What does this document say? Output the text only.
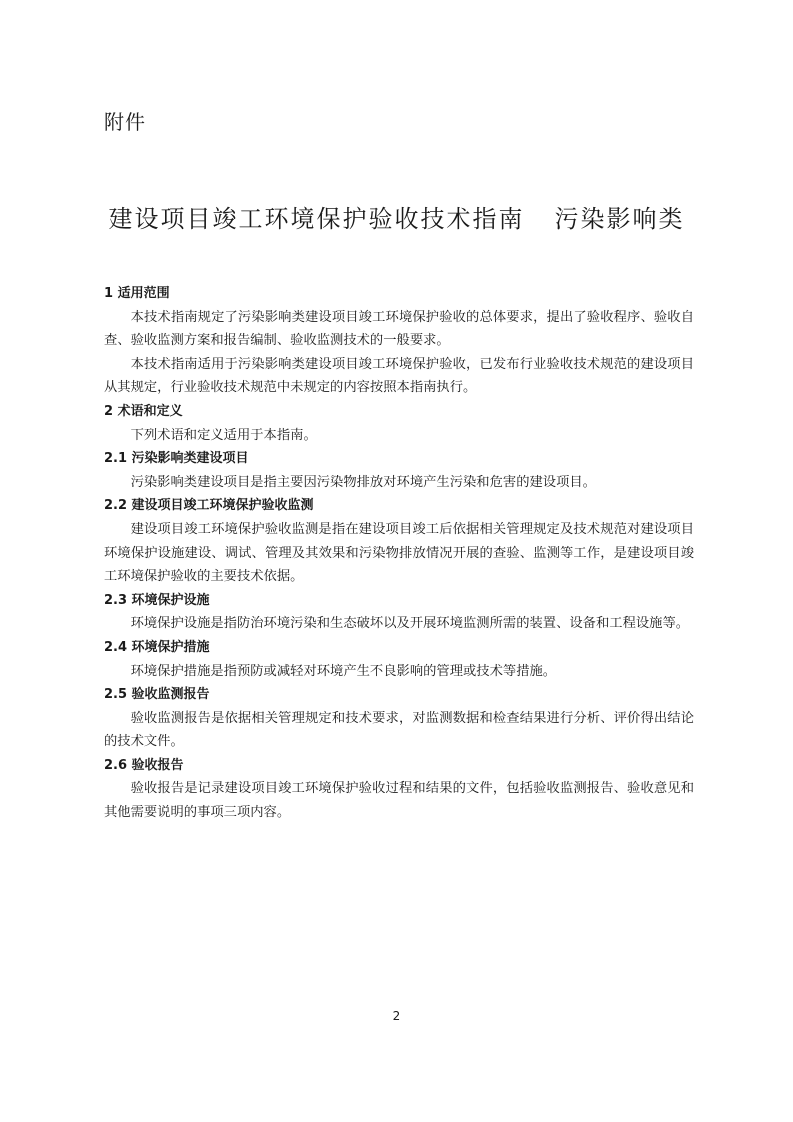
附件
建设项目竣工环境保护验收技术指南 污染影响类
1 适用范围
本技术指南规定了污染影响类建设项目竣工环境保护验收的总体要求，提出了验收程序、验收自查、验收监测方案和报告编制、验收监测技术的一般要求。
本技术指南适用于污染影响类建设项目竣工环境保护验收，已发布行业验收技术规范的建设项目从其规定，行业验收技术规范中未规定的内容按照本指南执行。
2 术语和定义
下列术语和定义适用于本指南。
2.1 污染影响类建设项目
污染影响类建设项目是指主要因污染物排放对环境产生污染和危害的建设项目。
2.2 建设项目竣工环境保护验收监测
建设项目竣工环境保护验收监测是指在建设项目竣工后依据相关管理规定及技术规范对建设项目环境保护设施建设、调试、管理及其效果和污染物排放情况开展的查验、监测等工作，是建设项目竣工环境保护验收的主要技术依据。
2.3 环境保护设施
环境保护设施是指防治环境污染和生态破坏以及开展环境监测所需的装置、设备和工程设施等。
2.4 环境保护措施
环境保护措施是指预防或减轻对环境产生不良影响的管理或技术等措施。
2.5 验收监测报告
验收监测报告是依据相关管理规定和技术要求，对监测数据和检查结果进行分析、评价得出结论的技术文件。
2.6 验收报告
验收报告是记录建设项目竣工环境保护验收过程和结果的文件，包括验收监测报告、验收意见和其他需要说明的事项三项内容。
2
